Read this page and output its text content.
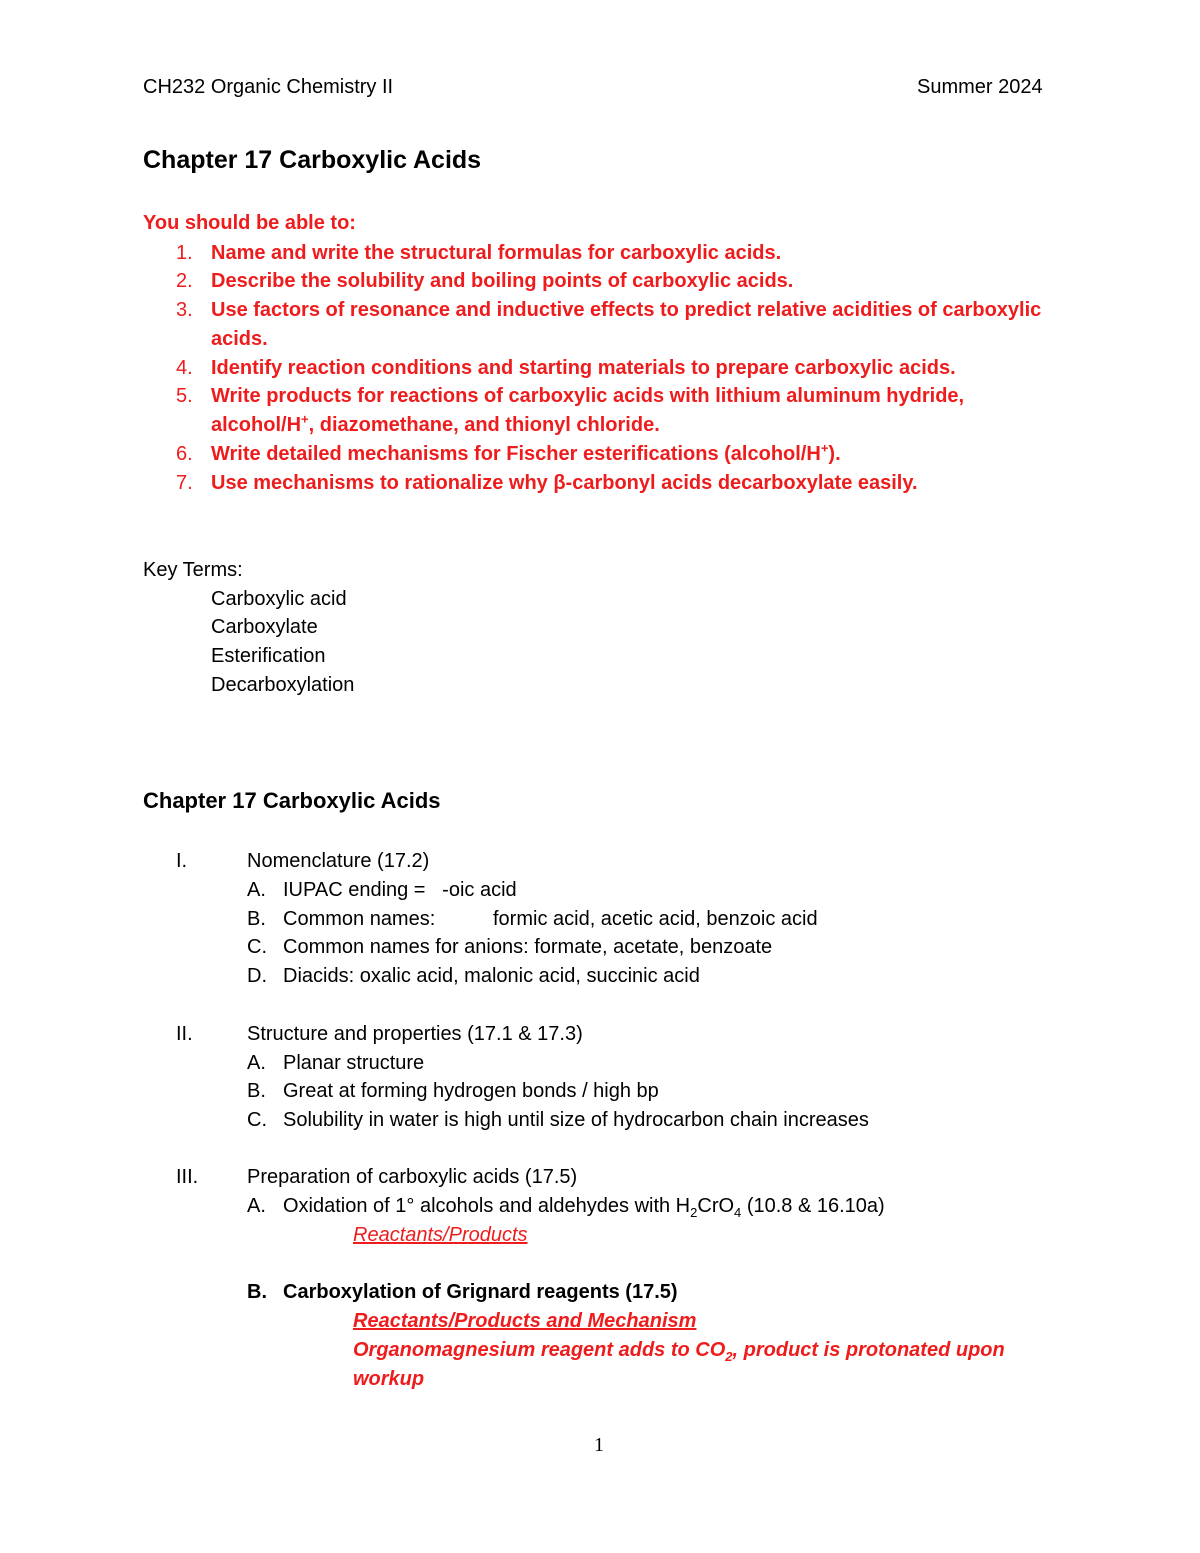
CH232 Organic Chemistry II	Summer 2024
Chapter 17 Carboxylic Acids
You should be able to:
1. Name and write the structural formulas for carboxylic acids.
2. Describe the solubility and boiling points of carboxylic acids.
3. Use factors of resonance and inductive effects to predict relative acidities of carboxylic
acids.
4. Identify reaction conditions and starting materials to prepare carboxylic acids.
5. Write products for reactions of carboxylic acids with lithium aluminum hydride,
alcohol/H+, diazomethane, and thionyl chloride.
6. Write detailed mechanisms for Fischer esterifications (alcohol/H+).
7. Use mechanisms to rationalize why β-carbonyl acids decarboxylate easily.
Key Terms:
Carboxylic acid
Carboxylate
Esterification
Decarboxylation
Chapter 17 Carboxylic Acids
I.	Nomenclature (17.2)
A. IUPAC ending =   -oic acid
B. Common names:	formic acid, acetic acid, benzoic acid
C. Common names for anions: formate, acetate, benzoate
D. Diacids: oxalic acid, malonic acid, succinic acid
II.	Structure and properties (17.1 & 17.3)
A. Planar structure
B. Great at forming hydrogen bonds / high bp
C. Solubility in water is high until size of hydrocarbon chain increases
III. Preparation of carboxylic acids (17.5)
A. Oxidation of 1° alcohols and aldehydes with $H_2CrO_4$ (10.8 & 16.10a)
Reactants/Products
B. Carboxylation of Grignard reagents (17.5)
Reactants/Products and Mechanism
Organomagnesium reagent adds to $CO_2$, product is protonated upon
workup
1
